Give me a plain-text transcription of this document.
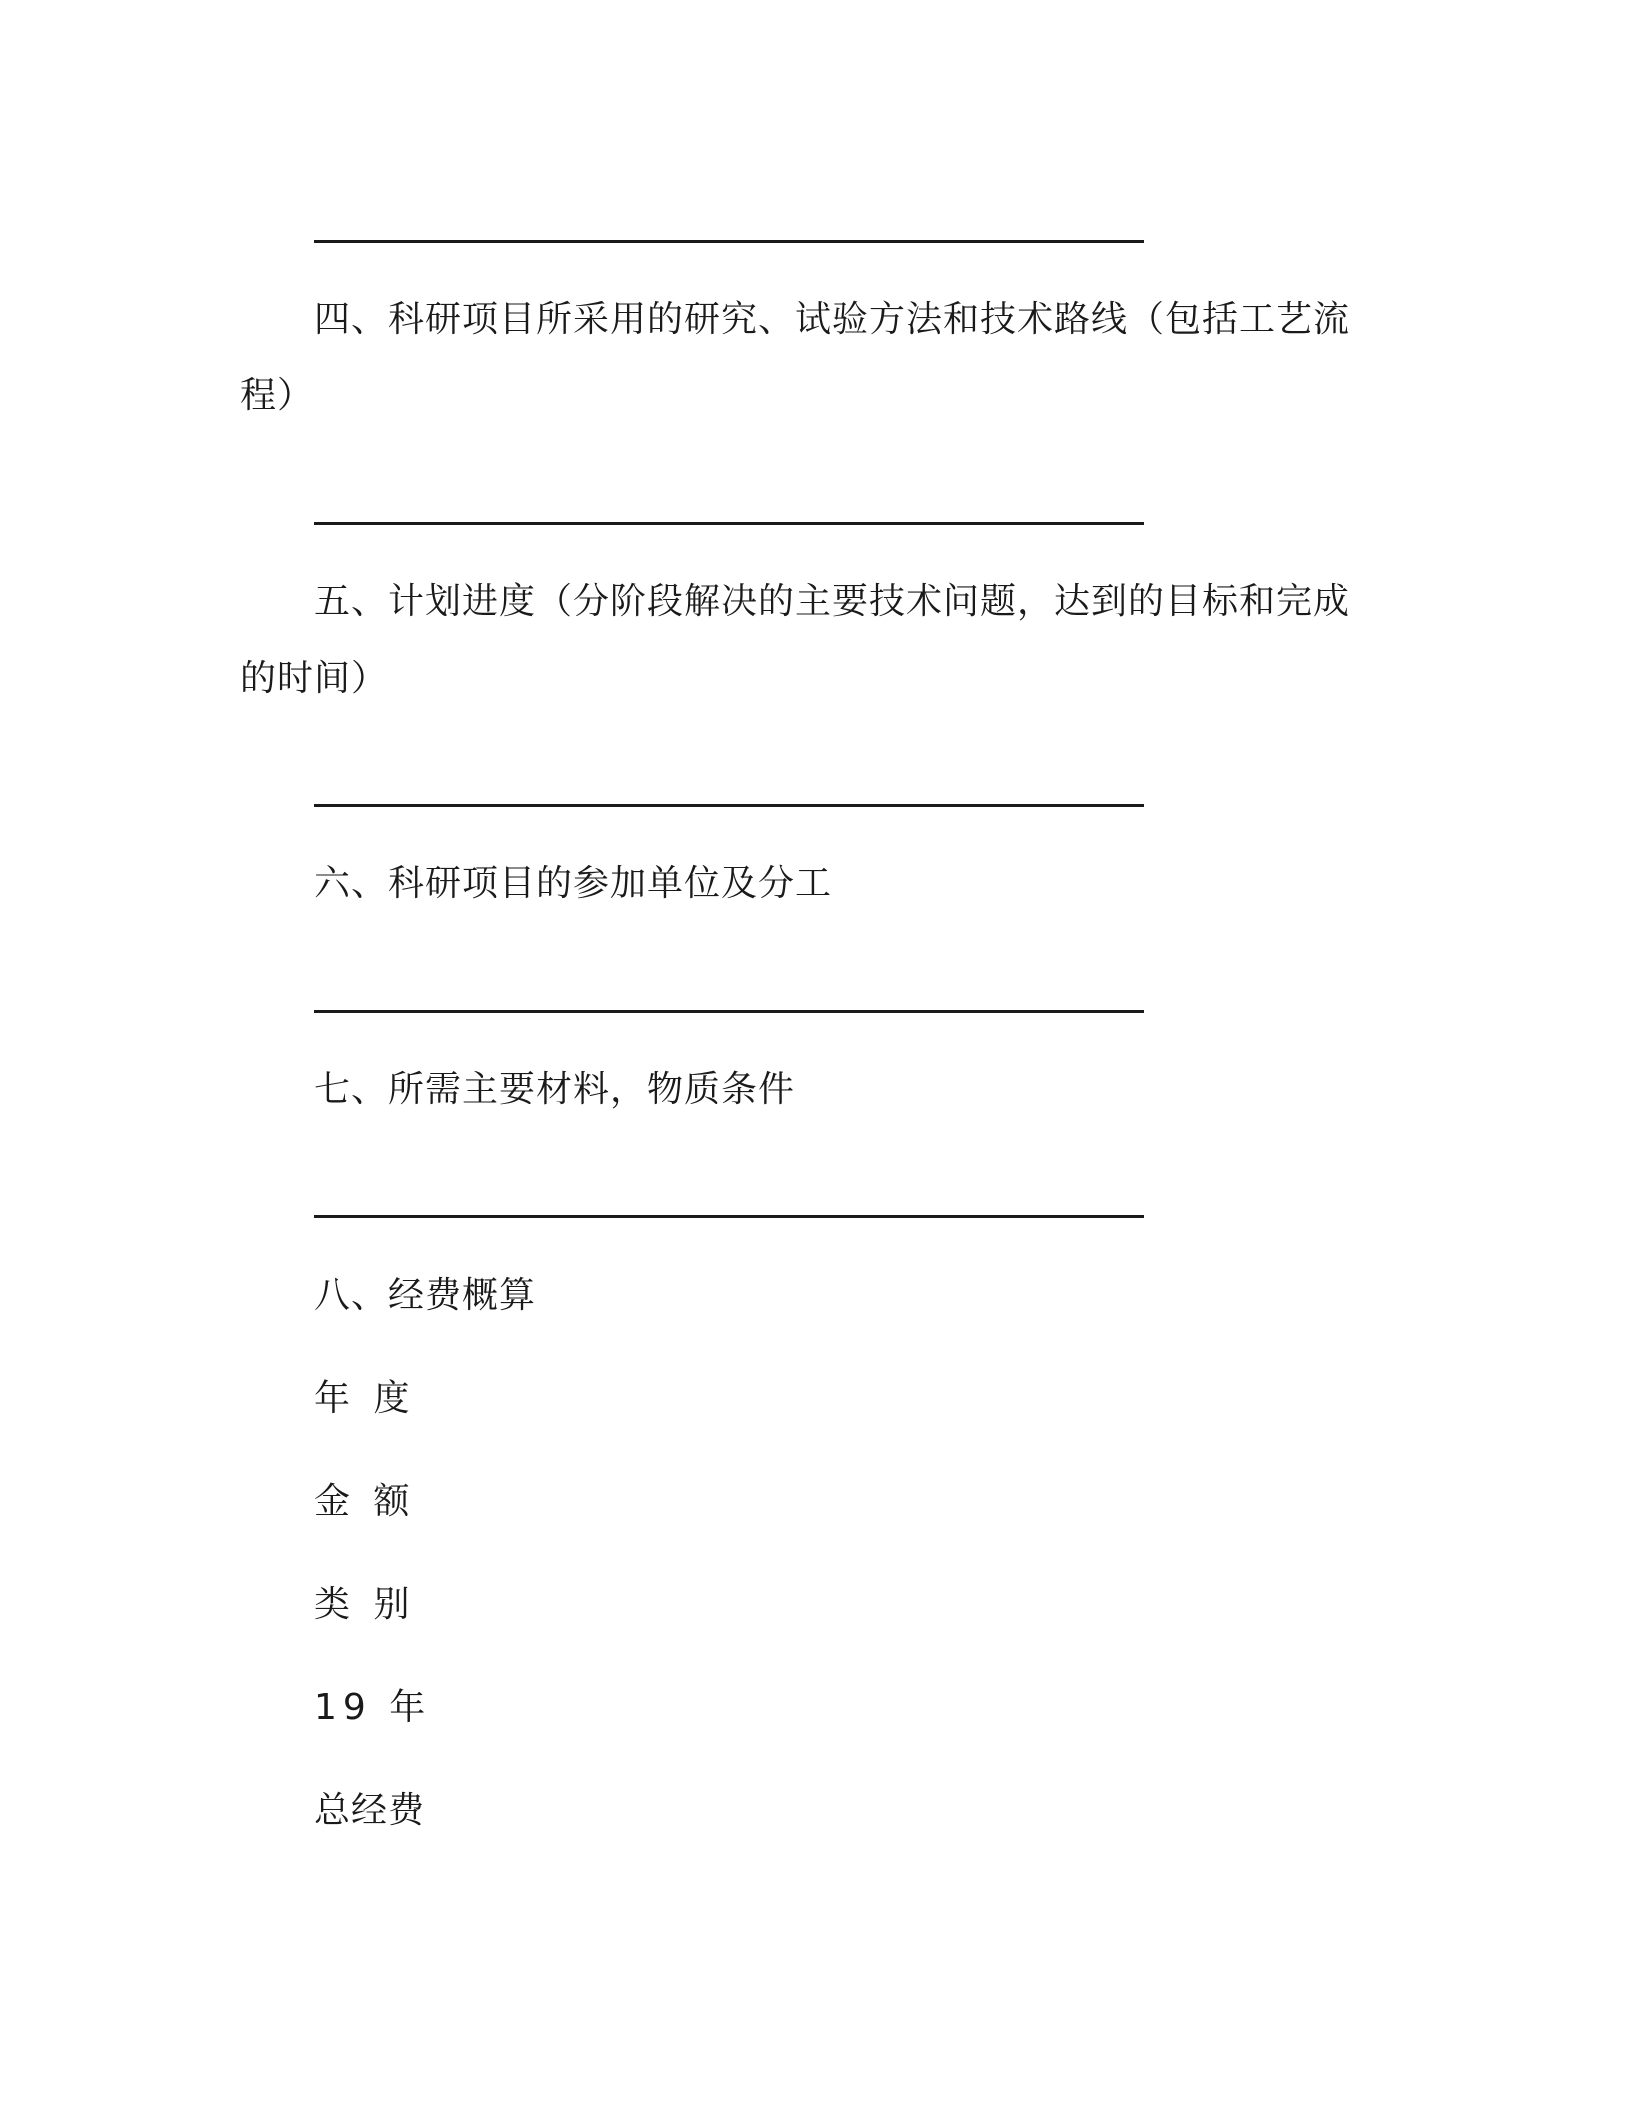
四、科研项目所采用的研究、试验方法和技术路线（包括工艺流
程）
五、计划进度（分阶段解决的主要技术问题，达到的目标和完成
的时间）
六、科研项目的参加单位及分工
七、所需主要材料，物质条件
八、经费概算
年 度
金 额
类 别
19 年
总经费
